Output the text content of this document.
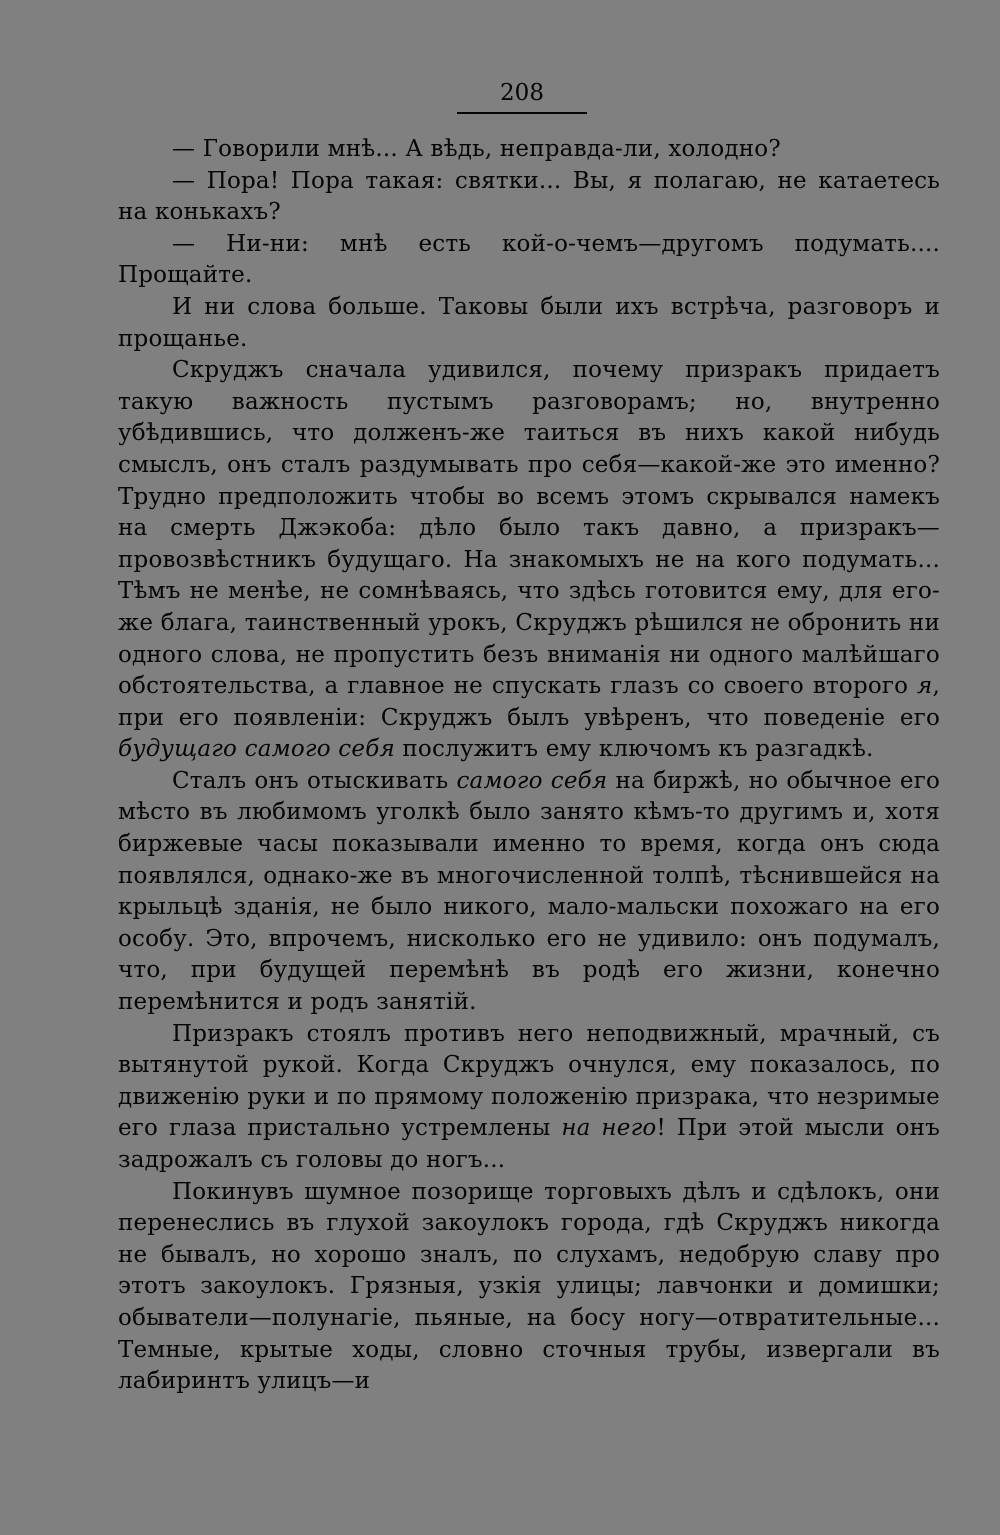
208

— Говорили мнѣ... А вѣдь, неправда-ли, холодно?

— Пора! Пора такая: святки... Вы, я полагаю, не катаетесь на конькахъ?

— Ни-ни: мнѣ есть кой-о-чемъ—другомъ подумать.... Прощайте.

И ни слова больше. Таковы были ихъ встрѣча, разговоръ и прощанье.

Скруджъ сначала удивился, почему призракъ придаетъ такую важность пустымъ разговорамъ; но, внутренно убѣдившись, что долженъ-же таиться въ нихъ какой нибудь смыслъ, онъ сталъ раздумывать про себя—какой-же это именно? Трудно предположить чтобы во всемъ этомъ скрывался намекъ на смерть Джэкоба: дѣло было такъ давно, а призракъ—провозвѣстникъ будущаго. На знакомыхъ не на кого подумать... Тѣмъ не менѣе, не сомнѣваясь, что здѣсь готовится ему, для его-же блага, таинственный урокъ, Скруджъ рѣшился не обронить ни одного слова, не пропустить безъ вниманія ни одного малѣйшаго обстоятельства, а главное не спускать глазъ со своего второго я, при его появленіи: Скруджъ былъ увѣренъ, что поведеніе его будущаго самого себя послужитъ ему ключомъ къ разгадкѣ.

Сталъ онъ отыскивать самого себя на биржѣ, но обычное его мѣсто въ любимомъ уголкѣ было занято кѣмъ-то другимъ и, хотя биржевые часы показывали именно то время, когда онъ сюда появлялся, однако-же въ многочисленной толпѣ, тѣснившейся на крыльцѣ зданія, не было никого, мало-мальски похожаго на его особу. Это, впрочемъ, нисколько его не удивило: онъ подумалъ, что, при будущей перемѣнѣ въ родѣ его жизни, конечно перемѣнится и родъ занятій.

Призракъ стоялъ противъ него неподвижный, мрачный, съ вытянутой рукой. Когда Скруджъ очнулся, ему показалось, по движенію руки и по прямому положенію призрака, что незримые его глаза пристально устремлены на него! При этой мысли онъ задрожалъ съ головы до ногъ...

Покинувъ шумное позорище торговыхъ дѣлъ и сдѣлокъ, они перенеслись въ глухой закоулокъ города, гдѣ Скруджъ никогда не бывалъ, но хорошо зналъ, по слухамъ, недобрую славу про этотъ закоулокъ. Грязныя, узкія улицы; лавчонки и домишки; обыватели—полунагіе, пьяные, на босу ногу—отвратительные... Темные, крытые ходы, словно сточныя трубы, извергали въ лабиринтъ улицъ—и
